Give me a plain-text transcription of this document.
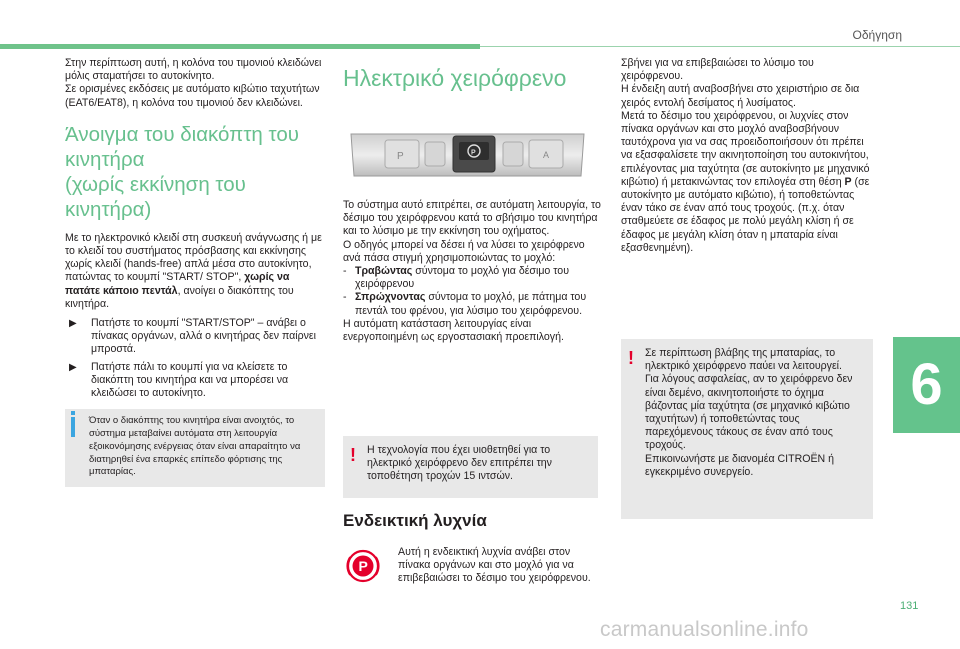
Οδήγηση

Στην περίπτωση αυτή, η κολόνα του τιμονιού κλειδώνει μόλις σταματήσει το αυτοκίνητο.

Σε ορισμένες εκδόσεις με αυτόματο κιβώτιο ταχυτήτων (EAT6/EAT8), η κολόνα του τιμονιού δεν κλειδώνει.

Άνοιγμα του διακόπτη του κινητήρα
(χωρίς εκκίνηση του κινητήρα)

Με το ηλεκτρονικό κλειδί στη συσκευή ανάγνωσης ή με το κλειδί του συστήματος πρόσβασης και εκκίνησης χωρίς κλειδί (hands-free) απλά μέσα στο αυτοκίνητο, πατώντας το κουμπί "START/ STOP", χωρίς να πατάτε κάποιο πεντάλ, ανοίγει ο διακόπτης του κινητήρα.

▶	Πατήστε το κουμπί "START/STOP" – ανάβει ο πίνακας οργάνων, αλλά ο κινητήρας δεν παίρνει μπροστά.
▶	Πατήστε πάλι το κουμπί για να κλείσετε το διακόπτη του κινητήρα και να μπορέσει να κλειδώσει το αυτοκίνητο.

Όταν ο διακόπτης του κινητήρα είναι ανοιχτός, το σύστημα μεταβαίνει αυτόματα στη λειτουργία εξοικονόμησης ενέργειας όταν είναι απαραίτητο να διατηρηθεί ένα επαρκές επίπεδο φόρτισης της μπαταρίας.

Ηλεκτρικό χειρόφρενο
P	P	A

Το σύστημα αυτό επιτρέπει, σε αυτόματη λειτουργία, το δέσιμο του χειρόφρενου κατά το σβήσιμο του κινητήρα και το λύσιμο με την εκκίνηση του οχήματος.

Ο οδηγός μπορεί να δέσει ή να λύσει το χειρόφρενο ανά πάσα στιγμή χρησιμοποιώντας το μοχλό:

- Τραβώντας σύντομα το μοχλό για δέσιμο του χειρόφρενου
- Σπρώχνοντας σύντομα το μοχλό, με πάτημα του πεντάλ του φρένου, για λύσιμο του χειρόφρενου.

Η αυτόματη κατάσταση λειτουργίας είναι ενεργοποιημένη ως εργοστασιακή προεπιλογή.

! Η τεχνολογία που έχει υιοθετηθεί για το ηλεκτρικό χειρόφρενο δεν επιτρέπει την τοποθέτηση τροχών 15 ιντσών.

Ενδεικτική λυχνία
P

Αυτή η ενδεικτική λυχνία ανάβει στον πίνακα οργάνων και στο μοχλό για να επιβεβαιώσει το δέσιμο του χειρόφρενου.

Σβήνει για να επιβεβαιώσει το λύσιμο του χειρόφρενου.

Η ένδειξη αυτή αναβοσβήνει στο χειριστήριο σε δια χειρός εντολή δεσίματος ή λυσίματος.

Μετά το δέσιμο του χειρόφρενου, οι λυχνίες στον πίνακα οργάνων και στο μοχλό αναβοσβήνουν ταυτόχρονα για να σας προειδοποιήσουν ότι πρέπει να εξασφαλίσετε την ακινητοποίηση του αυτοκινήτου, επιλέγοντας μια ταχύτητα (σε αυτοκίνητο με μηχανικό κιβώτιο) ή μετακινώντας τον επιλογέα στη θέση P (σε αυτοκίνητο με αυτόματο κιβώτιο), ή τοποθετώντας έναν τάκο σε έναν από τους τροχούς. (π.χ. όταν σταθμεύετε σε έδαφος με πολύ μεγάλη κλίση ή σε έδαφος με μεγάλη κλίση όταν η μπαταρία είναι εξασθενημένη).

! Σε περίπτωση βλάβης της μπαταρίας, το ηλεκτρικό χειρόφρενο παύει να λειτουργεί.

Για λόγους ασφαλείας, αν το χειρόφρενο δεν είναι δεμένο, ακινητοποιήστε το όχημα βάζοντας μία ταχύτητα (σε μηχανικό κιβώτιο ταχυτήτων) ή τοποθετώντας τους παρεχόμενους τάκους σε έναν από τους τροχούς.

Επικοινωνήστε με διανομέα CITROËN ή εγκεκριμένο συνεργείο.

6
131
carmanualsonline.info
